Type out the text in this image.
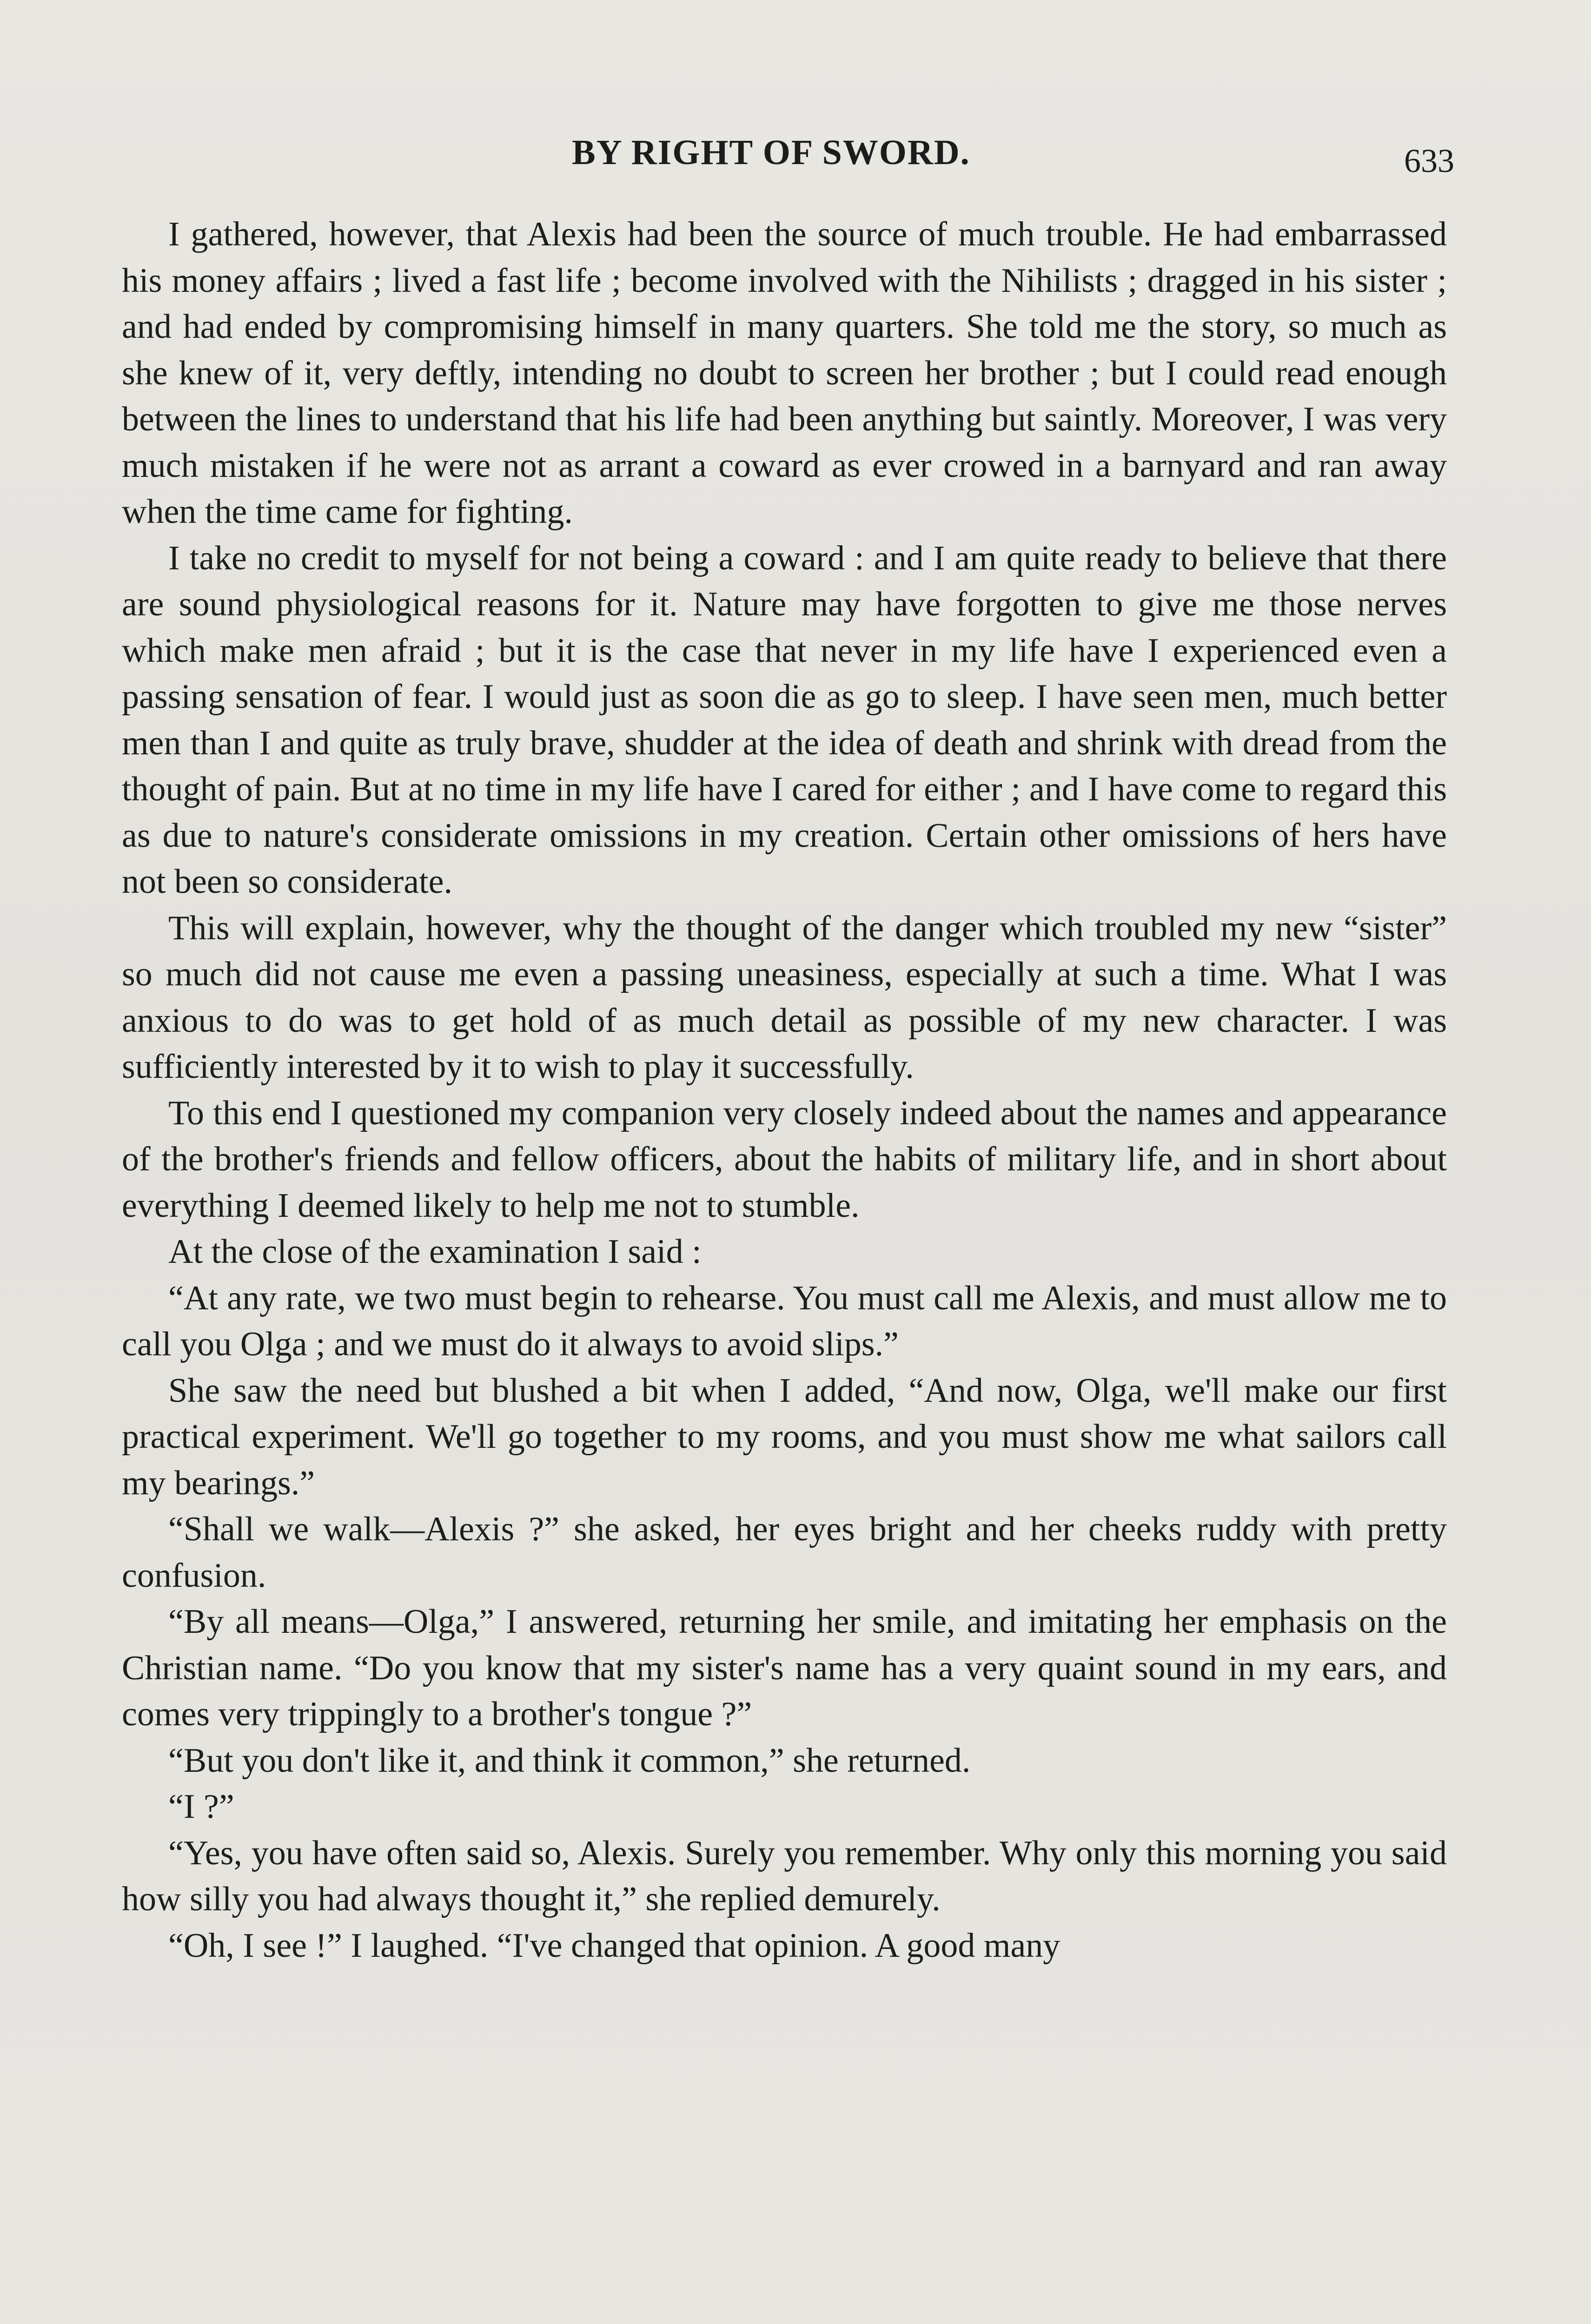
BY RIGHT OF SWORD.	633

I gathered, however, that Alexis had been the source of much trouble. He had embarrassed his money affairs ; lived a fast life ; become involved with the Nihilists ; dragged in his sister ; and had ended by compromising himself in many quarters. She told me the story, so much as she knew of it, very deftly, intending no doubt to screen her brother ; but I could read enough between the lines to understand that his life had been anything but saintly. Moreover, I was very much mistaken if he were not as arrant a coward as ever crowed in a barnyard and ran away when the time came for fighting.

I take no credit to myself for not being a coward : and I am quite ready to believe that there are sound physiological reasons for it. Nature may have forgotten to give me those nerves which make men afraid ; but it is the case that never in my life have I experienced even a passing sensation of fear. I would just as soon die as go to sleep. I have seen men, much better men than I and quite as truly brave, shudder at the idea of death and shrink with dread from the thought of pain. But at no time in my life have I cared for either ; and I have come to regard this as due to nature's considerate omissions in my creation. Certain other omissions of hers have not been so considerate.

This will explain, however, why the thought of the danger which troubled my new “sister” so much did not cause me even a passing uneasiness, especially at such a time. What I was anxious to do was to get hold of as much detail as possible of my new character. I was sufficiently interested by it to wish to play it successfully.

To this end I questioned my companion very closely indeed about the names and appearance of the brother's friends and fellow officers, about the habits of military life, and in short about everything I deemed likely to help me not to stumble.

At the close of the examination I said :

“At any rate, we two must begin to rehearse. You must call me Alexis, and must allow me to call you Olga ; and we must do it always to avoid slips.”

She saw the need but blushed a bit when I added, “And now, Olga, we'll make our first practical experiment. We'll go together to my rooms, and you must show me what sailors call my bearings.”

“Shall we walk—Alexis ?” she asked, her eyes bright and her cheeks ruddy with pretty confusion.

“By all means—Olga,” I answered, returning her smile, and imitating her emphasis on the Christian name. “Do you know that my sister's name has a very quaint sound in my ears, and comes very trippingly to a brother's tongue ?”

“But you don't like it, and think it common,” she returned.

“I ?”

“Yes, you have often said so, Alexis. Surely you remember. Why only this morning you said how silly you had always thought it,” she replied demurely.

“Oh, I see !” I laughed. “I've changed that opinion. A good many
